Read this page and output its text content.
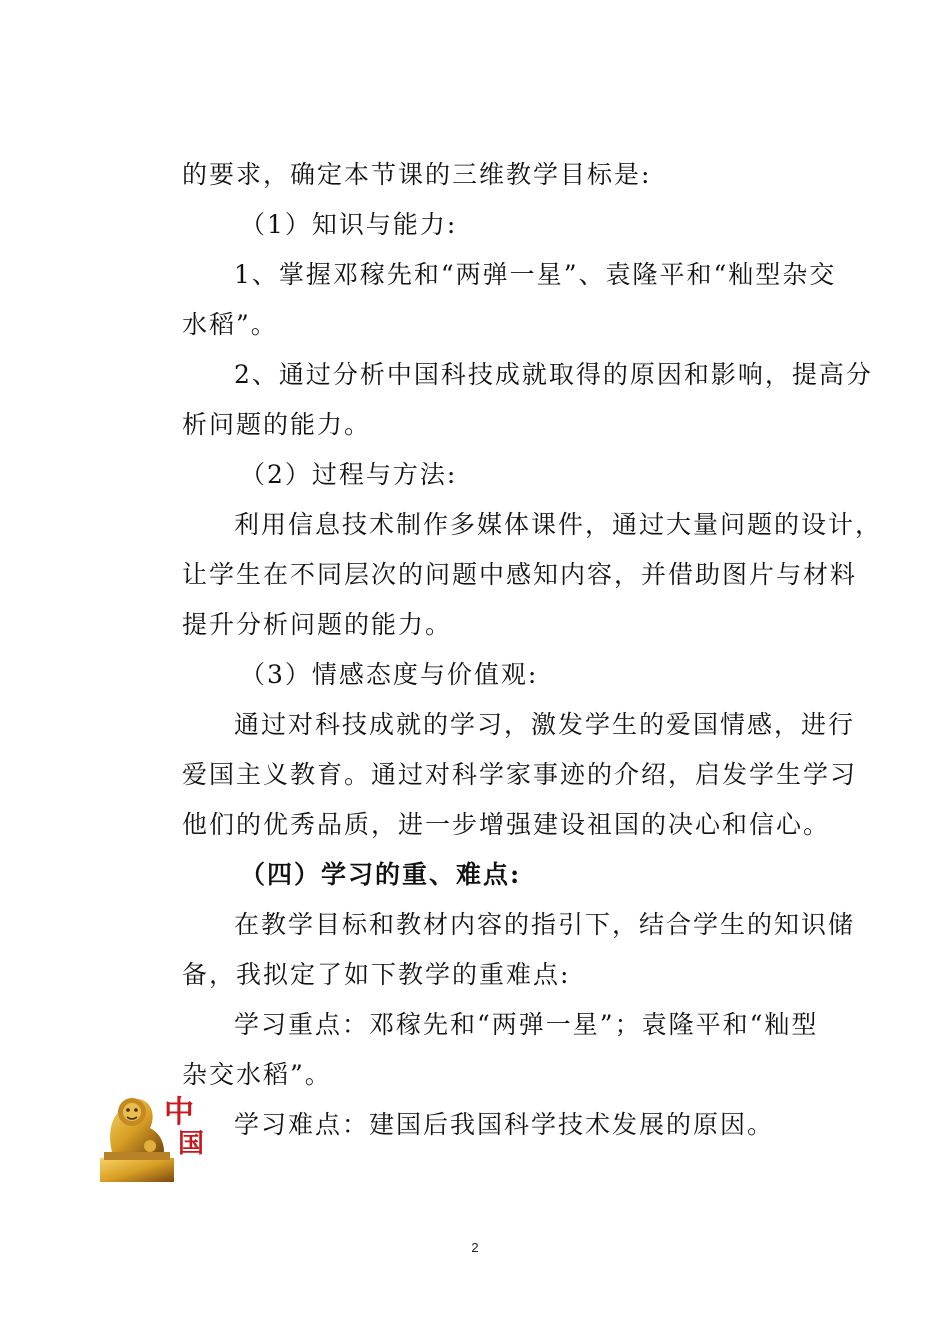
的要求，确定本节课的三维教学目标是:
（1）知识与能力:
1、掌握邓稼先和“两弹一星”、袁隆平和“籼型杂交
水稻”。
2、通过分析中国科技成就取得的原因和影响，提高分
析问题的能力。
（2）过程与方法:
利用信息技术制作多媒体课件，通过大量问题的设计，
让学生在不同层次的问题中感知内容，并借助图片与材料
提升分析问题的能力。
（3）情感态度与价值观:
通过对科技成就的学习，激发学生的爱国情感，进行
爱国主义教育。通过对科学家事迹的介绍，启发学生学习
他们的优秀品质，进一步增强建设祖国的决心和信心。
（四）学习的重、难点:
在教学目标和教材内容的指引下，结合学生的知识储
备，我拟定了如下教学的重难点:
学习重点：邓稼先和“两弹一星”；袁隆平和“籼型
杂交水稻”。
学习难点：建国后我国科学技术发展的原因。
中
国
2
